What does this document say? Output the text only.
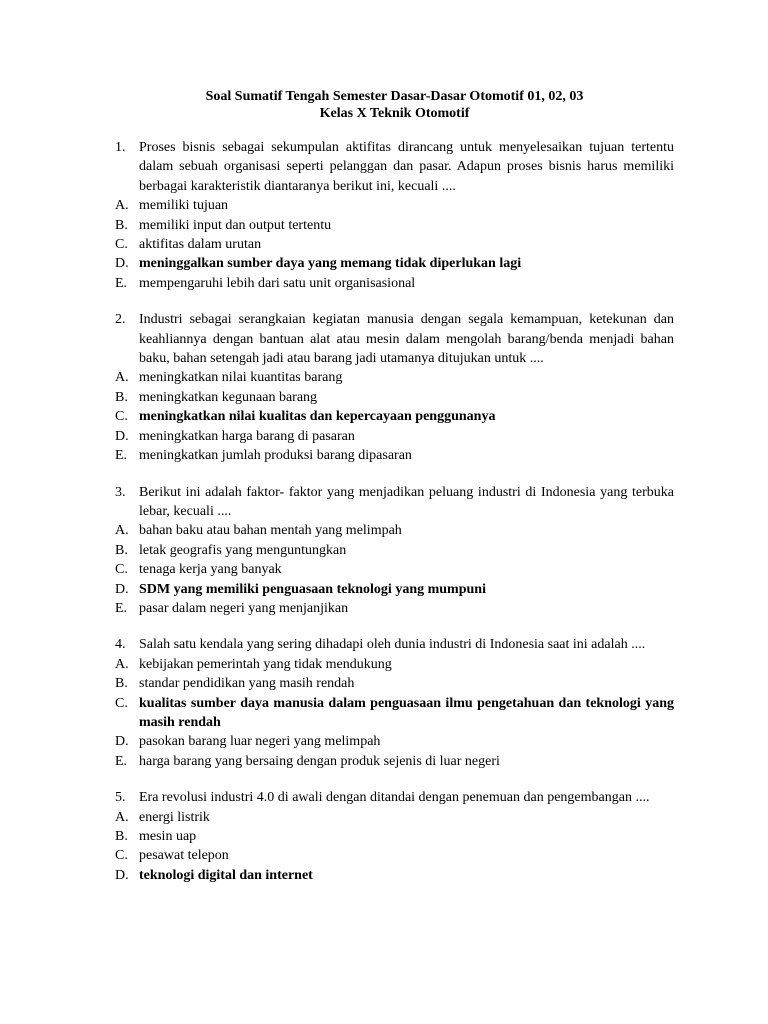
Soal Sumatif Tengah Semester Dasar-Dasar Otomotif 01, 02, 03
Kelas X Teknik Otomotif
1. Proses bisnis sebagai sekumpulan aktifitas dirancang untuk menyelesaikan tujuan tertentu dalam sebuah organisasi seperti pelanggan dan pasar. Adapun proses bisnis harus memiliki berbagai karakteristik diantaranya berikut ini, kecuali ....
A. memiliki tujuan
B. memiliki input dan output tertentu
C. aktifitas dalam urutan
D. meninggalkan sumber daya yang memang tidak diperlukan lagi
E. mempengaruhi lebih dari satu unit organisasional
2. Industri sebagai serangkaian kegiatan manusia dengan segala kemampuan, ketekunan dan keahliannya dengan bantuan alat atau mesin dalam mengolah barang/benda menjadi bahan baku, bahan setengah jadi atau barang jadi utamanya ditujukan untuk ....
A. meningkatkan nilai kuantitas barang
B. meningkatkan kegunaan barang
C. meningkatkan nilai kualitas dan kepercayaan penggunanya
D. meningkatkan harga barang di pasaran
E. meningkatkan jumlah produksi barang dipasaran
3. Berikut ini adalah faktor- faktor yang menjadikan peluang industri di Indonesia yang terbuka lebar, kecuali ....
A. bahan baku atau bahan mentah yang melimpah
B. letak geografis yang menguntungkan
C. tenaga kerja yang banyak
D. SDM yang memiliki penguasaan teknologi yang mumpuni
E. pasar dalam negeri yang menjanjikan
4. Salah satu kendala yang sering dihadapi oleh dunia industri di Indonesia saat ini adalah ....
A. kebijakan pemerintah yang tidak mendukung
B. standar pendidikan yang masih rendah
C. kualitas sumber daya manusia dalam penguasaan ilmu pengetahuan dan teknologi yang masih rendah
D. pasokan barang luar negeri yang melimpah
E. harga barang yang bersaing dengan produk sejenis di luar negeri
5. Era revolusi industri 4.0 di awali dengan ditandai dengan penemuan dan pengembangan ....
A. energi listrik
B. mesin uap
C. pesawat telepon
D. teknologi digital dan internet
